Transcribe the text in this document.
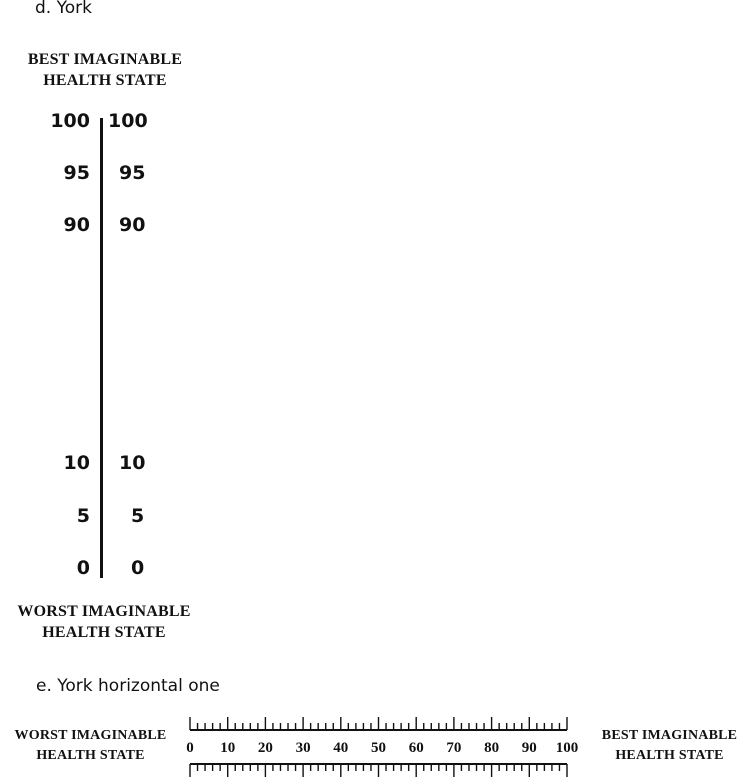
d. York
BEST IMAGINABLE
HEALTH STATE
100
95
90
10
5
0
100
95
90
10
5
0
WORST IMAGINABLE
HEALTH STATE
e. York horizontal one
WORST IMAGINABLE
HEALTH STATE
BEST IMAGINABLE
HEALTH STATE
0 10 20 30 40 50 60 70 80 90 100
